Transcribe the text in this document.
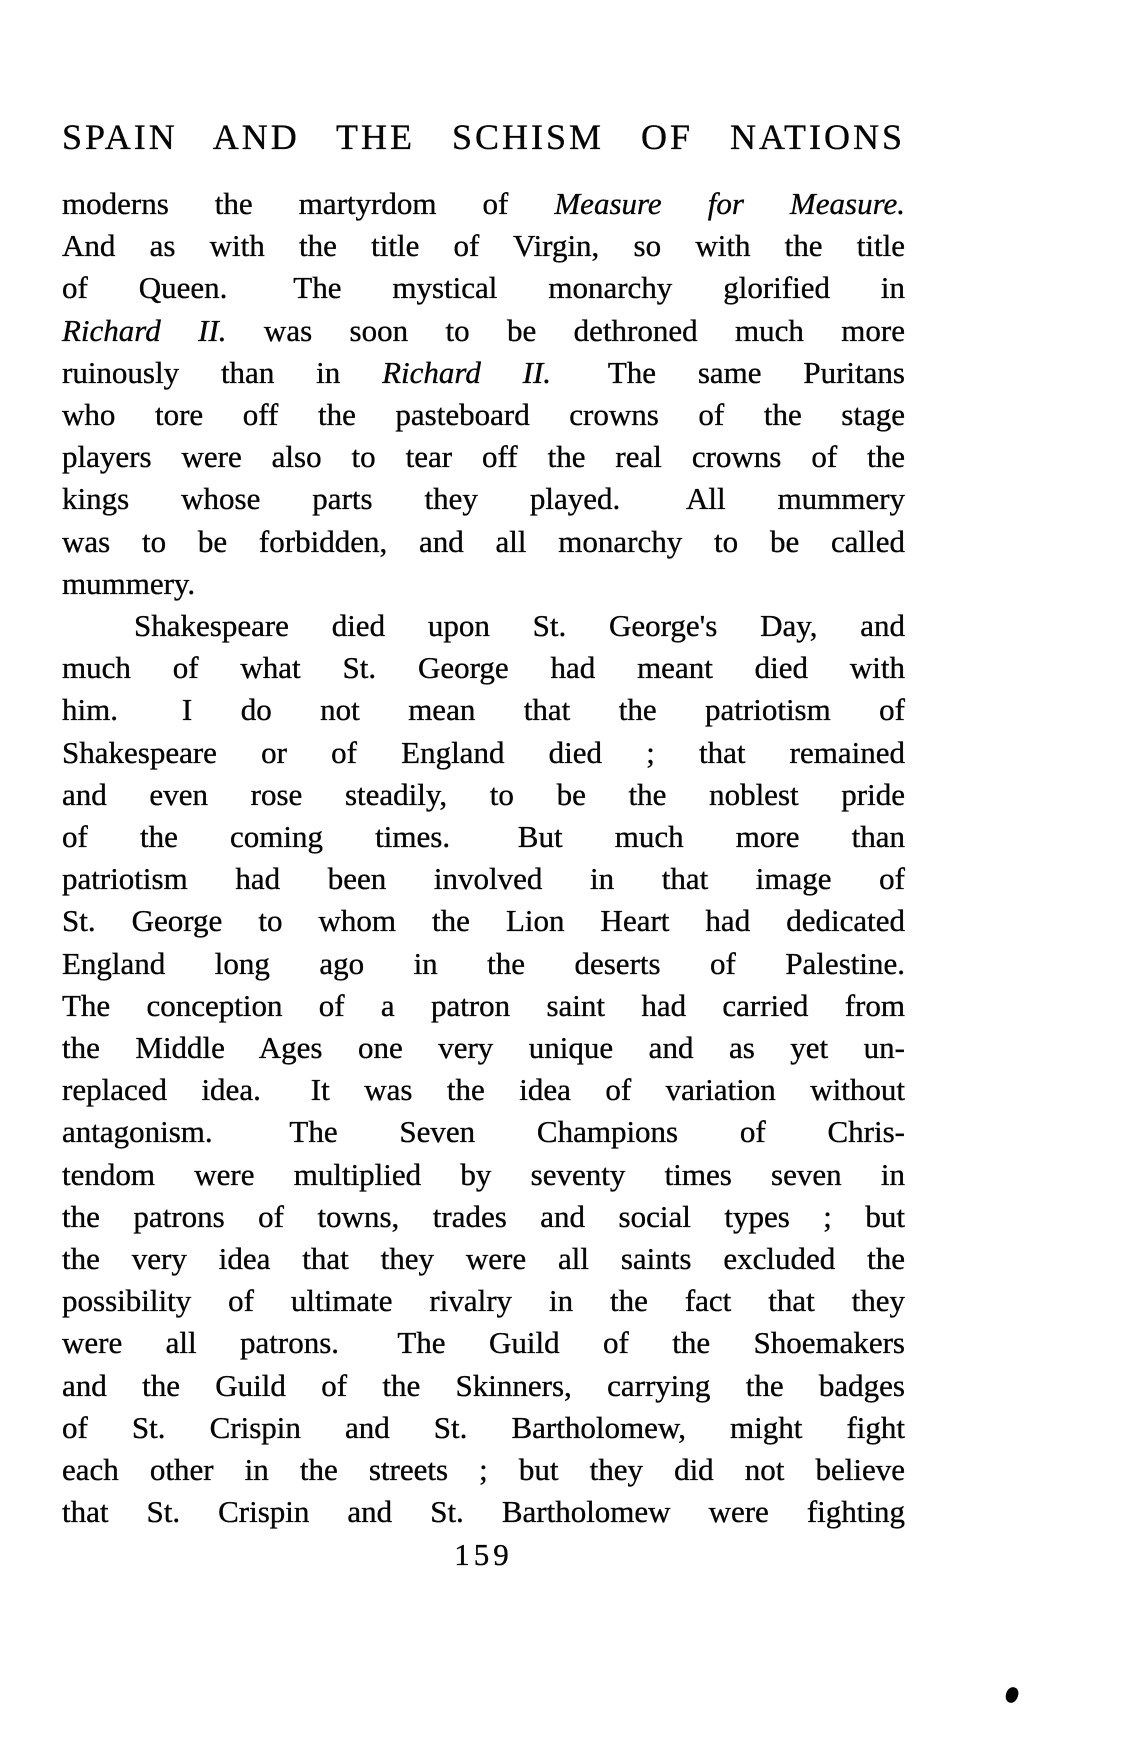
SPAIN AND THE SCHISM OF NATIONS
moderns the martyrdom of Measure for Measure.
And as with the title of Virgin, so with the title
of Queen.  The mystical monarchy glorified in
Richard II. was soon to be dethroned much more
ruinously than in Richard II.  The same Puritans
who tore off the pasteboard crowns of the stage
players were also to tear off the real crowns of the
kings whose parts they played.  All mummery
was to be forbidden, and all monarchy to be called
mummery.
Shakespeare died upon St. George's Day, and
much of what St. George had meant died with
him.  I do not mean that the patriotism of
Shakespeare or of England died ; that remained
and even rose steadily, to be the noblest pride
of the coming times.  But much more than
patriotism had been involved in that image of
St. George to whom the Lion Heart had dedicated
England long ago in the deserts of Palestine.
The conception of a patron saint had carried from
the Middle Ages one very unique and as yet un-
replaced idea.  It was the idea of variation without
antagonism.  The Seven Champions of Chris-
tendom were multiplied by seventy times seven in
the patrons of towns, trades and social types ; but
the very idea that they were all saints excluded the
possibility of ultimate rivalry in the fact that they
were all patrons.  The Guild of the Shoemakers
and the Guild of the Skinners, carrying the badges
of St. Crispin and St. Bartholomew, might fight
each other in the streets ; but they did not believe
that St. Crispin and St. Bartholomew were fighting
159
